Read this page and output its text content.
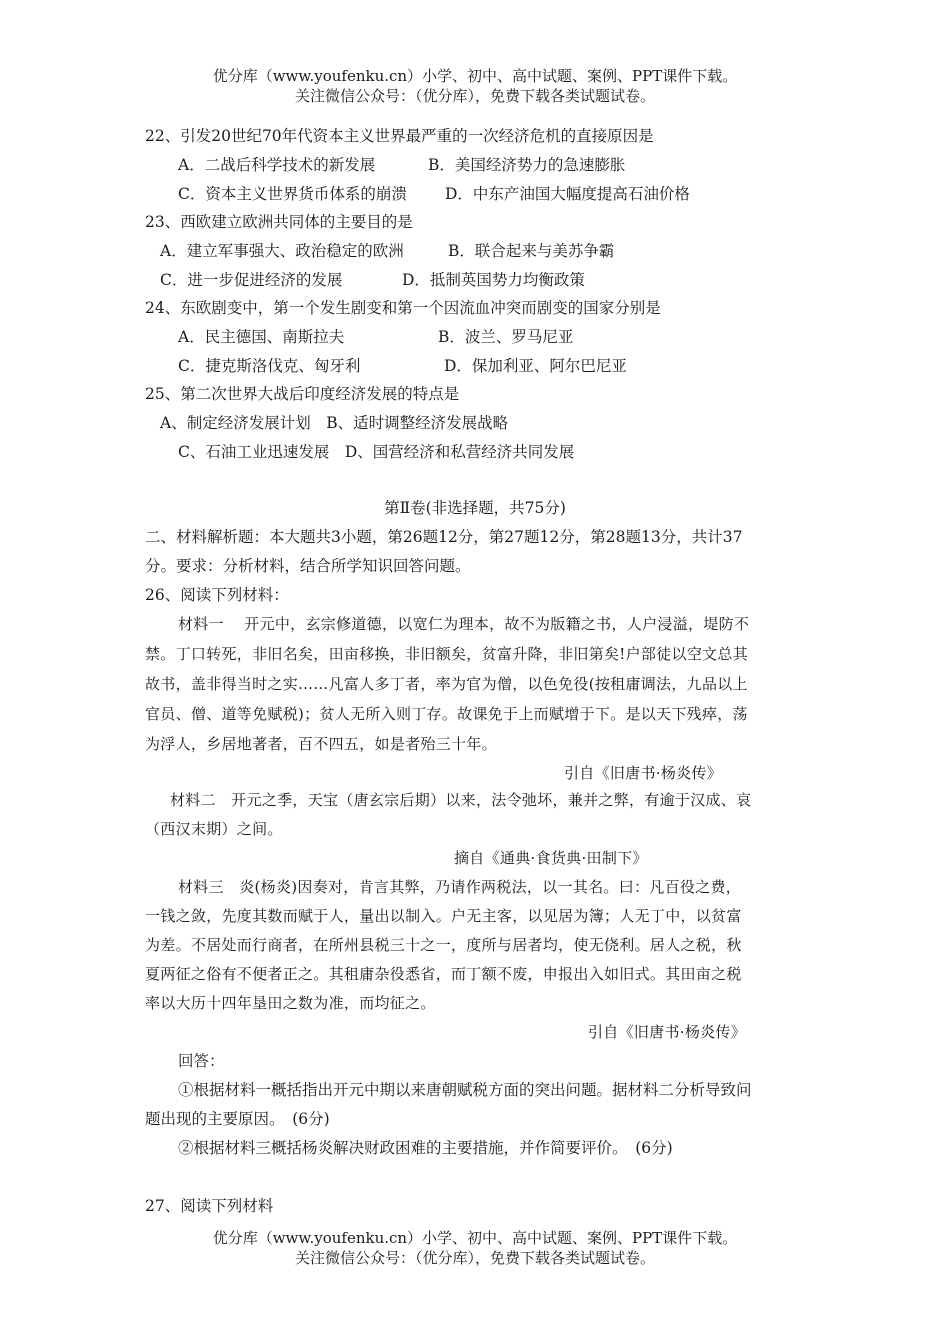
优分库（www.youfenku.cn）小学、初中、高中试题、案例、PPT课件下载。
关注微信公众号：（优分库），免费下载各类试题试卷。
22、引发20世纪70年代资本主义世界最严重的一次经济危机的直接原因是
A．二战后科学技术的新发展	B．美国经济势力的急速膨胀
C．资本主义世界货币体系的崩溃 D．中东产油国大幅度提高石油价格
23、西欧建立欧洲共同体的主要目的是
A．建立军事强大、政治稳定的欧洲	B．联合起来与美苏争霸
C．进一步促进经济的发展	D．抵制英国势力均衡政策
24、东欧剧变中，第一个发生剧变和第一个因流血冲突而剧变的国家分别是
A．民主德国、南斯拉夫	B．波兰、罗马尼亚
C．捷克斯洛伐克、匈牙利	D．保加利亚、阿尔巴尼亚
25、第二次世界大战后印度经济发展的特点是
A、制定经济发展计划　B、适时调整经济发展战略
C、石油工业迅速发展　D、国营经济和私营经济共同发展
第Ⅱ卷(非选择题，共75分)
二、材料解析题：本大题共3小题，第26题12分，第27题12分，第28题13分，共计37
分。要求：分析材料，结合所学知识回答问题。
26、阅读下列材料：
材料一　 开元中，玄宗修道德，以宽仁为理本，故不为版籍之书，人户浸溢，堤防不
禁。丁口转死，非旧名矣，田亩移换，非旧额矣，贫富升降，非旧第矣!户部徒以空文总其
故书，盖非得当时之实……凡富人多丁者，率为官为僧，以色免役(按租庸调法，九品以上
官员、僧、道等免赋税)；贫人无所入则丁存。故课免于上而赋增于下。是以天下残瘁，荡
为浮人，乡居地著者，百不四五，如是者殆三十年。
引自《旧唐书·杨炎传》
材料二　开元之季，天宝（唐玄宗后期）以来，法令弛坏，兼并之弊，有逾于汉成、哀
（西汉末期）之间。
摘自《通典·食货典·田制下》
材料三　炎(杨炎)因奏对，肯言其弊，乃请作两税法，以一其名。曰：凡百役之费，
一钱之敛，先度其数而赋于人，量出以制入。户无主客，以见居为簿；人无丁中，以贫富
为差。不居处而行商者，在所州县税三十之一，度所与居者均，使无侥利。居人之税，秋
夏两征之俗有不便者正之。其租庸杂役悉省，而丁额不废，申报出入如旧式。其田亩之税
率以大历十四年垦田之数为准，而均征之。
引自《旧唐书·杨炎传》
回答：
①根据材料一概括指出开元中期以来唐朝赋税方面的突出问题。据材料二分析导致问
题出现的主要原因。　(6分)
②根据材料三概括杨炎解决财政困难的主要措施，并作简要评价。　(6分)
27、阅读下列材料
优分库（www.youfenku.cn）小学、初中、高中试题、案例、PPT课件下载。
关注微信公众号：（优分库），免费下载各类试题试卷。
